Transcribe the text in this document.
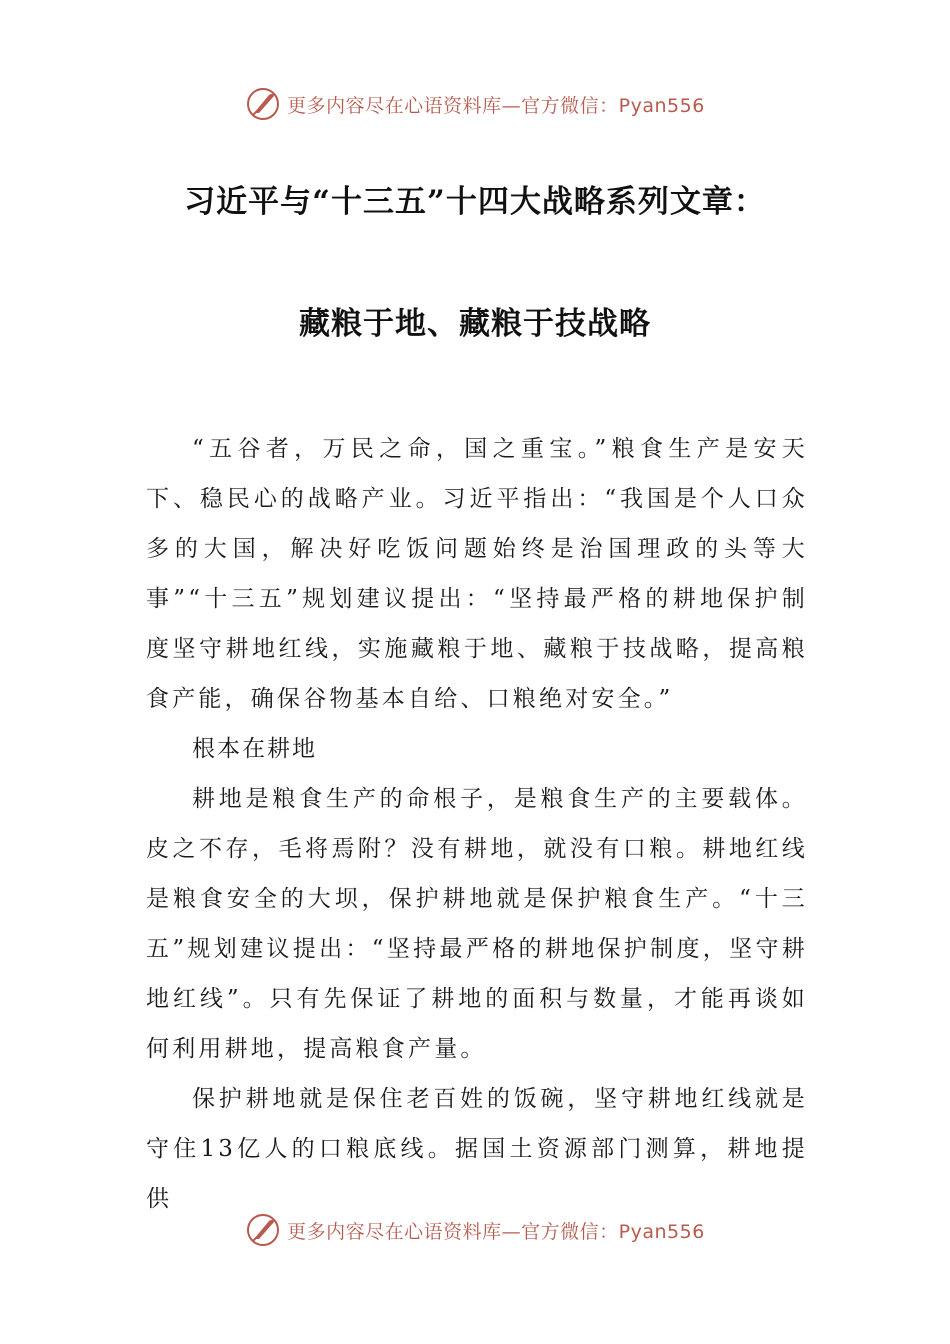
更多内容尽在心语资料库— 官方微信：Pyan556
习近平与“十三五”十四大战略系列文章：
藏粮于地、藏粮于技战略

“五谷者，万民之命，国之重宝。”粮食生产是安天下、稳民心的战略产业。习近平指出：“我国是个人口众多的大国，解决好吃饭问题始终是治国理政的头等大事”“十三五”规划建议提出：“坚持最严格的耕地保护制度坚守耕地红线，实施藏粮于地、藏粮于技战略，提高粮食产能，确保谷物基本自给、口粮绝对安全。”

根本在耕地

耕地是粮食生产的命根子，是粮食生产的主要载体。皮之不存，毛将焉附？没有耕地，就没有口粮。耕地红线是粮食安全的大坝，保护耕地就是保护粮食生产。“十三五”规划建议提出：“坚持最严格的耕地保护制度，坚守耕地红线”。只有先保证了耕地的面积与数量，才能再谈如何利用耕地，提高粮食产量。

保护耕地就是保住老百姓的饭碗，坚守耕地红线就是守住13亿人的口粮底线。据国土资源部门测算，耕地提供

更多内容尽在心语资料库— 官方微信：Pyan556
